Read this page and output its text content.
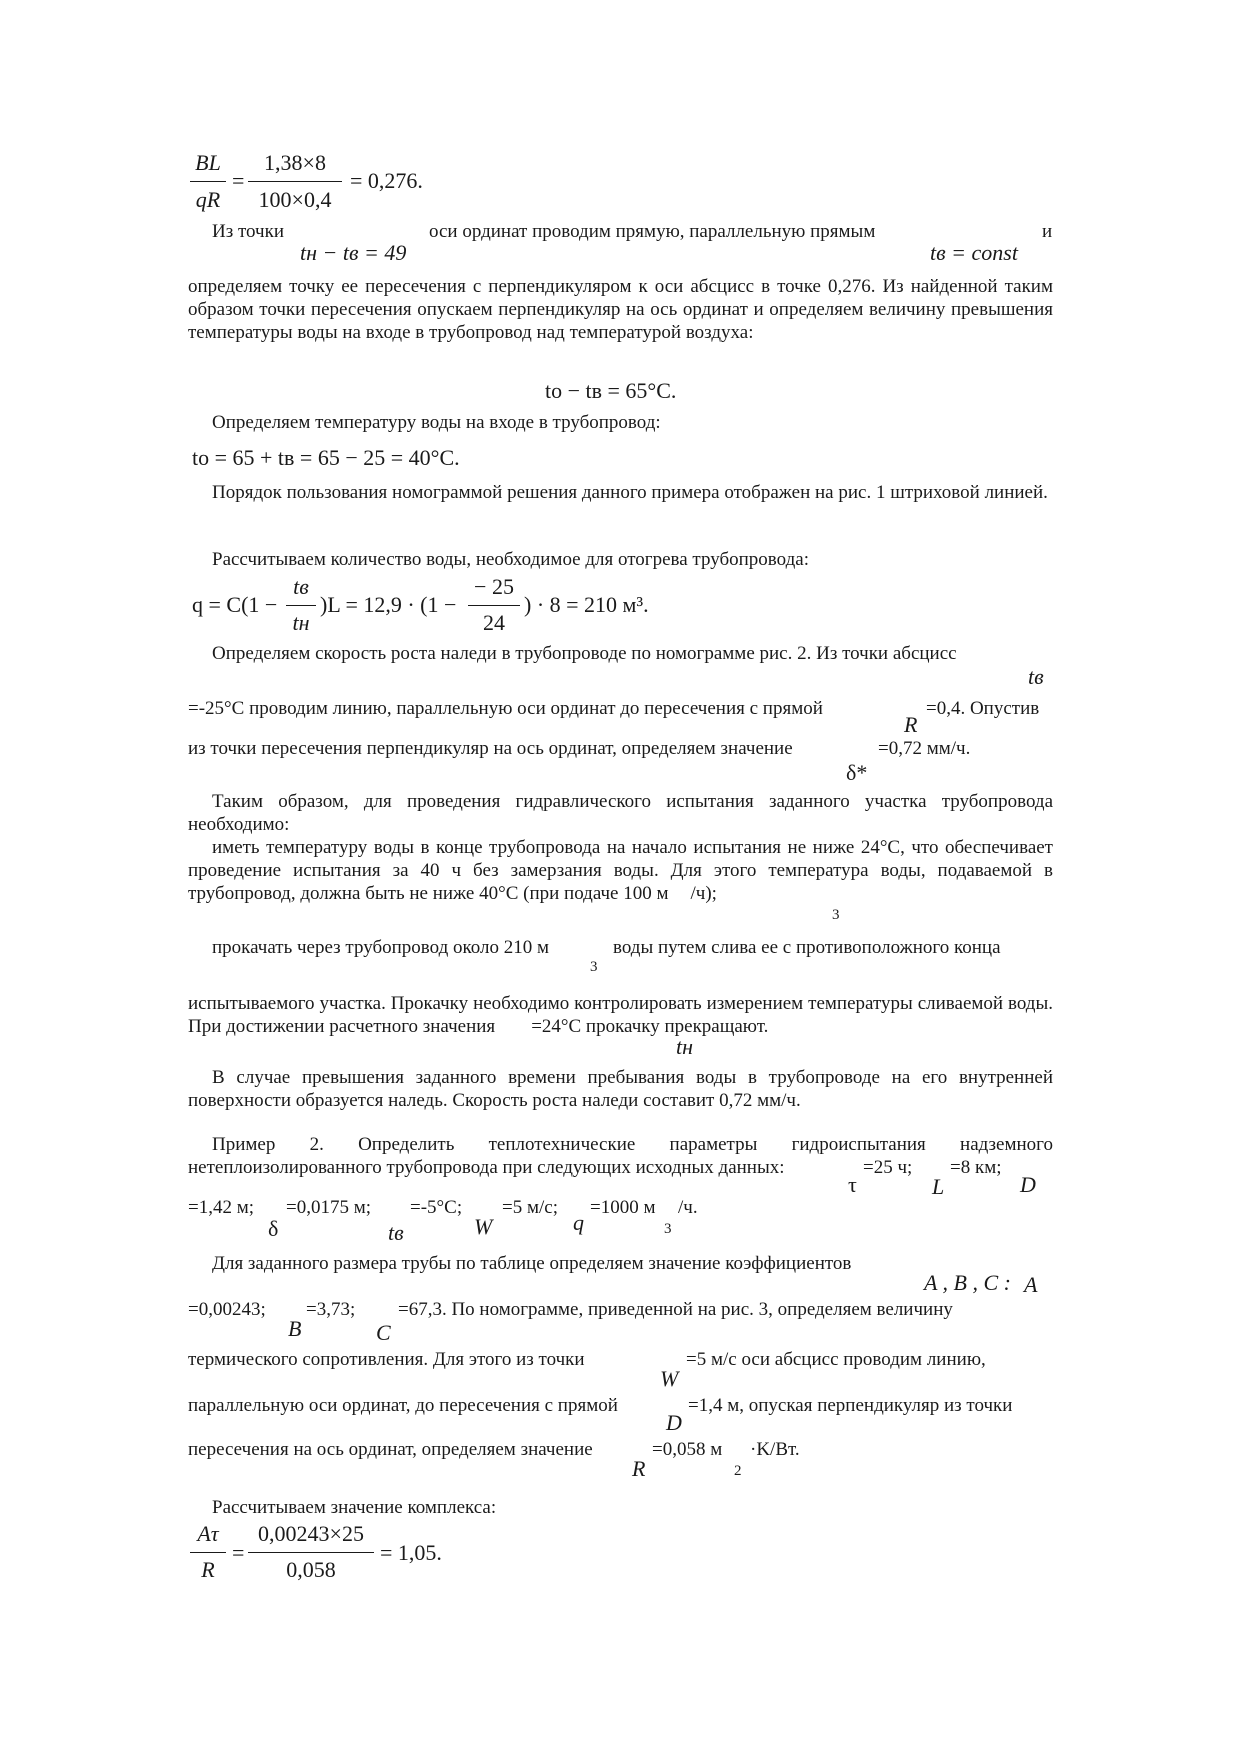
BL
qR
=
1,38×8
100×0,4
= 0,276.
Из точки
tн − tв = 49
оси ординат проводим прямую, параллельную прямым
tв = const
и
определяем точку ее пересечения с перпендикуляром к оси абсцисс в точке 0,276. Из найденной таким образом точки пересечения опускаем перпендикуляр на ось ординат и определяем величину превышения температуры воды на входе в трубопровод над температурой воздуха:
tо − tв = 65°C.
Определяем температуру воды на входе в трубопровод:
tо = 65 + tв = 65 − 25 = 40°C.
Порядок пользования номограммой решения данного примера отображен на рис. 1 штриховой линией.
Рассчитываем количество воды, необходимое для отогрева трубопровода:
q = C(1 −
tв
tн
)L = 12,9 · (1 −
− 25
24
) · 8 = 210 м³.
Определяем скорость роста наледи в трубопроводе по номограмме рис. 2. Из точки абсцисс
tв
=-25°С проводим линию, параллельную оси ординат до пересечения с прямой
R
=0,4. Опустив
из точки пересечения перпендикуляр на ось ординат, определяем значение
δ*
=0,72 мм/ч.
Таким образом, для проведения гидравлического испытания заданного участка трубопровода необходимо:
иметь температуру воды в конце трубопровода на начало испытания не ниже 24°С, что обеспечивает проведение испытания за 40 ч без замерзания воды. Для этого температура воды, подаваемой в трубопровод, должна быть не ниже 40°С (при подаче 100 м /ч);
3
прокачать через трубопровод около 210 м
3
воды путем слива ее с противоположного конца
испытываемого участка. Прокачку необходимо контролировать измерением температуры сливаемой воды. При достижении расчетного значения =24°С прокачку прекращают.
tн
В случае превышения заданного времени пребывания воды в трубопроводе на его внутренней поверхности образуется наледь. Скорость роста наледи составит 0,72 мм/ч.
Пример 2. Определить теплотехнические параметры гидроиспытания надземного нетеплоизолированного трубопровода при следующих исходных данных:
τ
=25 ч;
L
=8 км;
D
=1,42 м;
δ
=0,0175 м;
tв
=-5°С;
W
=5 м/с;
q
=1000 м
3
/ч.
Для заданного размера трубы по таблице определяем значение коэффициентов
A , B , C : A
=0,00243;
B
=3,73;
C
=67,3. По номограмме, приведенной на рис. 3, определяем величину
термического сопротивления. Для этого из точки
W
=5 м/с оси абсцисс проводим линию,
параллельную оси ординат, до пересечения с прямой
D
=1,4 м, опуская перпендикуляр из точки
пересечения на ось ординат, определяем значение
R
=0,058 м
2
·K/Вт.
Рассчитываем значение комплекса:
Aτ
R
=
0,00243×25
0,058
= 1,05.
